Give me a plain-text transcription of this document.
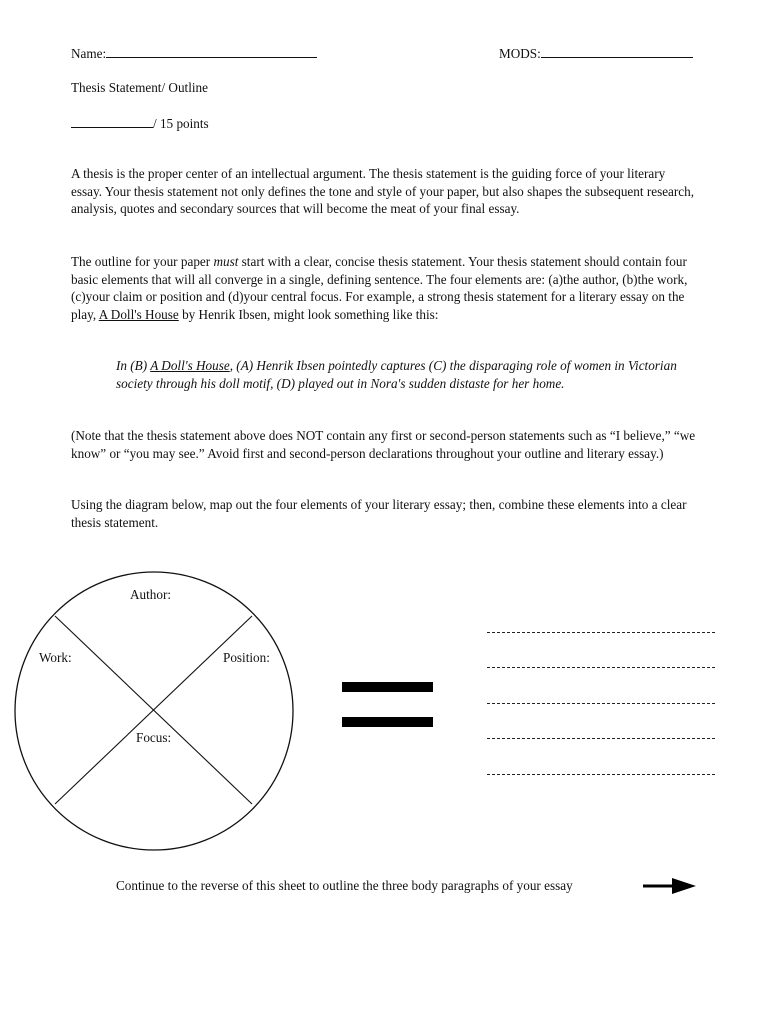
Name:	MODS:
Thesis Statement/ Outline
/ 15 points

A thesis is the proper center of an intellectual argument. The thesis statement is the guiding force of your literary essay. Your thesis statement not only defines the tone and style of your paper, but also shapes the subsequent research, analysis, quotes and secondary sources that will become the meat of your final essay.

The outline for your paper must start with a clear, concise thesis statement. Your thesis statement should contain four basic elements that will all converge in a single, defining sentence. The four elements are: (a)the author, (b)the work, (c)your claim or position and (d)your central focus. For example, a strong thesis statement for a literary essay on the play, A Doll's House by Henrik Ibsen, might look something like this:

In (B) A Doll's House, (A) Henrik Ibsen pointedly captures (C) the disparaging role of women in Victorian society through his doll motif, (D) played out in Nora's sudden distaste for her home.

(Note that the thesis statement above does NOT contain any first or second-person statements such as “I believe,” “we know” or “you may see.” Avoid first and second-person declarations throughout your outline and literary essay.)

Using the diagram below, map out the four elements of your literary essay; then, combine these elements into a clear thesis statement.

Author:
Work:	Position:
Focus:
Continue to the reverse of this sheet to outline the three body paragraphs of your essay
